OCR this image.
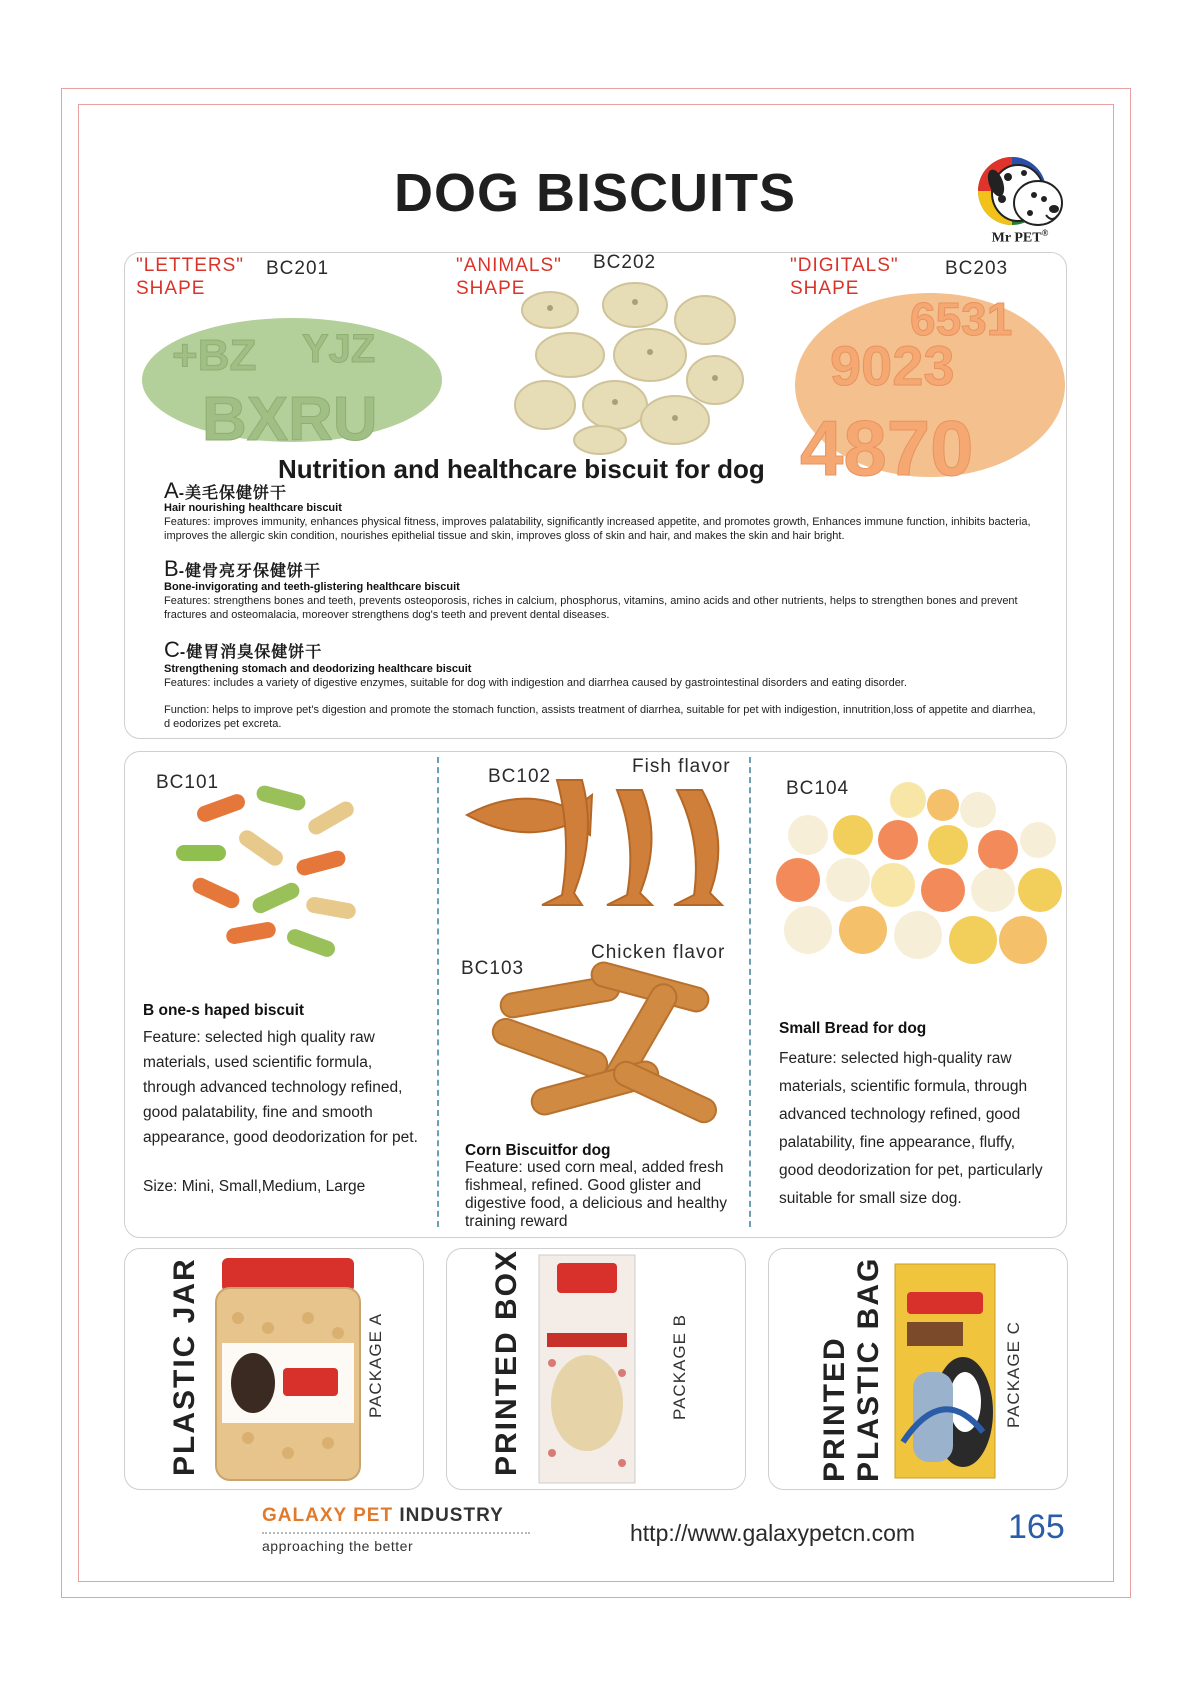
DOG BISCUITS
Mr PET®
"LETTERS"
SHAPE
BC201	"ANIMALS"
SHAPE
BC202	"DIGITALS"
SHAPE
BC203
BXRU
+BZ YJZ
4870
9023
6531
Nutrition and healthcare biscuit for dog
A-美毛保健饼干
Hair nourishing healthcare biscuit
Features: improves immunity, enhances physical fitness, improves palatability, significantly increased appetite, and promotes growth, Enhances immune function, inhibits bacteria, improves the allergic skin condition, nourishes epithelial tissue and skin, improves gloss of skin and hair, and makes the skin and hair bright.
B-健骨亮牙保健饼干
Bone-invigorating and teeth-glistering healthcare biscuit
Features: strengthens bones and teeth, prevents osteoporosis, riches in calcium, phosphorus, vitamins, amino acids and other nutrients, helps to strengthen bones and prevent fractures and osteomalacia, moreover strengthens dog's teeth and prevent dental diseases.
C-健胃消臭保健饼干
Strengthening stomach and deodorizing healthcare biscuit
Features: includes a variety of digestive enzymes, suitable for dog with indigestion and diarrhea caused by gastrointestinal disorders and eating disorder.
Function: helps to improve pet's digestion and promote the stomach function, assists treatment of diarrhea, suitable for pet with indigestion, innutrition,loss of appetite and diarrhea, d eodorizes pet excreta.
BC101
B one-s haped biscuit
Feature: selected high quality raw
materials, used scientific formula,
through advanced technology refined,
good palatability, fine and smooth
appearance, good deodorization for pet.
Size: Mini, Small,Medium, Large
BC102	Fish flavor
BC103
Chicken flavor
Corn Biscuitfor dog
Feature: used corn meal, added fresh
fishmeal, refined. Good glister and
digestive food, a delicious and healthy
training reward
BC104
Small Bread for dog
Feature: selected high-quality raw
materials, scientific formula, through
advanced technology refined, good
palatability, fine appearance, fluffy,
good deodorization for pet, particularly
suitable for small size dog.
PLASTIC JAR	PACKAGE A	PRINTED BOX	PACKAGE B	PRINTED PLASTIC BAG	PACKAGE C
GALAXY PET INDUSTRY
approaching the better	http://www.galaxypetcn.com	165
